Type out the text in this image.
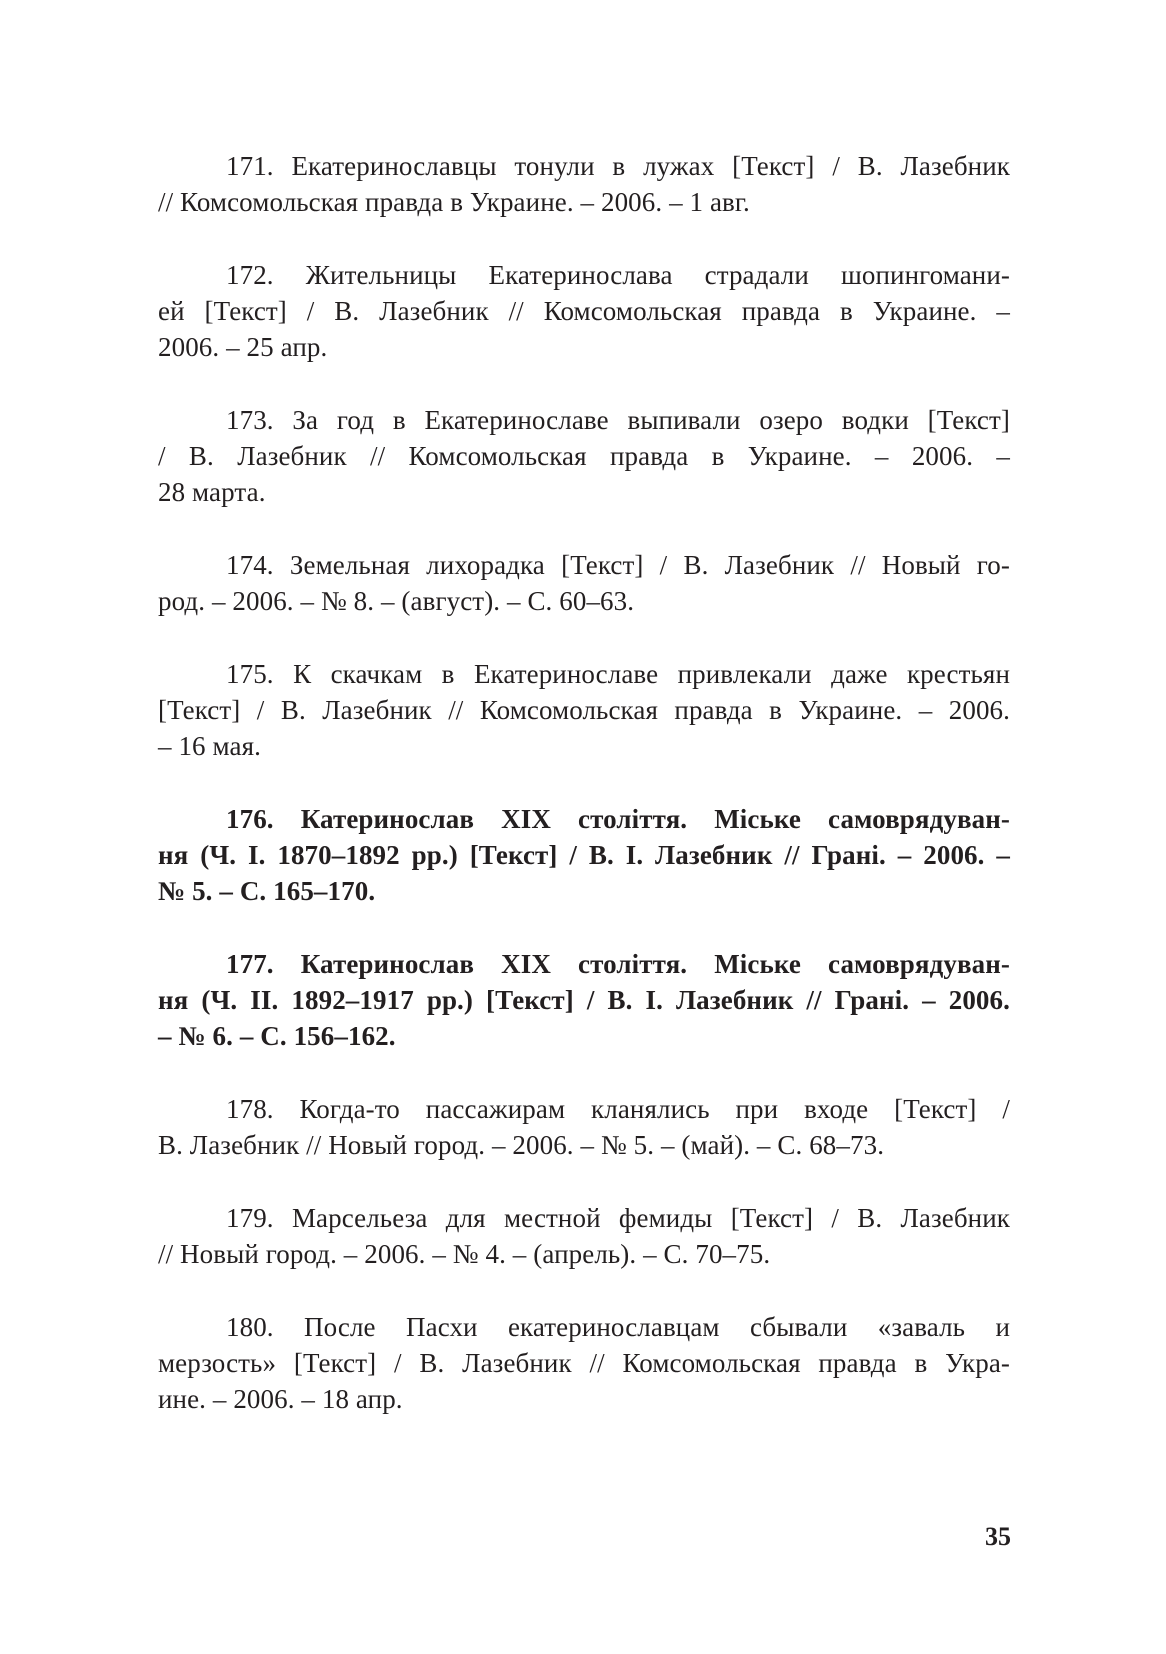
171. Екатеринославцы тонули в лужах [Текст] / В. Лазебник
// Комсомольская правда в Украине. – 2006. – 1 авг.
172. Жительницы Екатеринослава страдали шопингомани-
ей [Текст] / В. Лазебник // Комсомольская правда в Украине. –
2006. – 25 апр.
173. За год в Екатеринославе выпивали озеро водки [Текст]
/ В. Лазебник // Комсомольская правда в Украине. – 2006. –
28 марта.
174. Земельная лихорадка [Текст] / В. Лазебник // Новый го-
род. – 2006. – № 8. – (август). – С. 60–63.
175. К скачкам в Екатеринославе привлекали даже крестьян
[Текст] / В. Лазебник // Комсомольская правда в Украине. – 2006.
– 16 мая.
176. Катеринослав XIX століття. Міське самоврядуван-
ня (Ч. I. 1870–1892 рр.) [Текст] / В. І. Лазебник // Грані. – 2006. –
№ 5. – С. 165–170.
177. Катеринослав XIX століття. Міське самоврядуван-
ня (Ч. II. 1892–1917 рр.) [Текст] / В. І. Лазебник // Грані. – 2006.
– № 6. – С. 156–162.
178. Когда-то пассажирам кланялись при входе [Текст] /
В. Лазебник // Новый город. – 2006. – № 5. – (май). – С. 68–73.
179. Марсельеза для местной фемиды [Текст] / В. Лазебник
// Новый город. – 2006. – № 4. – (апрель). – С. 70–75.
180. После Пасхи екатеринославцам сбывали «заваль и
мерзость» [Текст] / В. Лазебник // Комсомольская правда в Укра-
ине. – 2006. – 18 апр.
35
